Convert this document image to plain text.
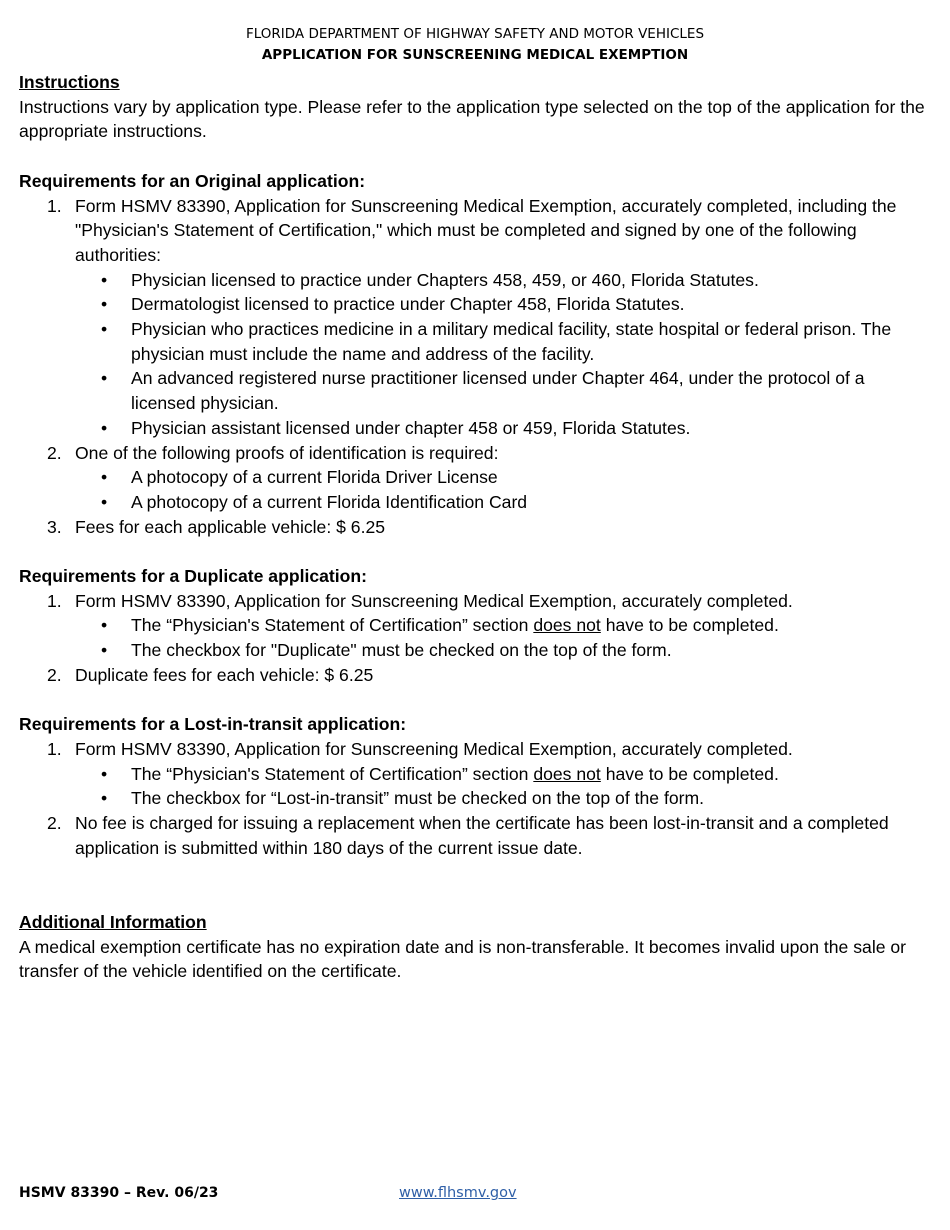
FLORIDA DEPARTMENT OF HIGHWAY SAFETY AND MOTOR VEHICLES
APPLICATION FOR SUNSCREENING MEDICAL EXEMPTION

Instructions

Instructions vary by application type. Please refer to the application type selected on the top of the application for the appropriate instructions.

Requirements for an Original application:

1. Form HSMV 83390, Application for Sunscreening Medical Exemption, accurately completed, including the "Physician's Statement of Certification," which must be completed and signed by one of the following authorities:
• Physician licensed to practice under Chapters 458, 459, or 460, Florida Statutes.
• Dermatologist licensed to practice under Chapter 458, Florida Statutes.
• Physician who practices medicine in a military medical facility, state hospital or federal prison. The physician must include the name and address of the facility.
• An advanced registered nurse practitioner licensed under Chapter 464, under the protocol of a licensed physician.
• Physician assistant licensed under chapter 458 or 459, Florida Statutes.
2. One of the following proofs of identification is required:
• A photocopy of a current Florida Driver License
• A photocopy of a current Florida Identification Card
3. Fees for each applicable vehicle: $ 6.25

Requirements for a Duplicate application:

1. Form HSMV 83390, Application for Sunscreening Medical Exemption, accurately completed.
• The “Physician's Statement of Certification” section does not have to be completed.
• The checkbox for "Duplicate" must be checked on the top of the form.
2. Duplicate fees for each vehicle: $ 6.25

Requirements for a Lost-in-transit application:

1. Form HSMV 83390, Application for Sunscreening Medical Exemption, accurately completed.
• The “Physician's Statement of Certification” section does not have to be completed.
• The checkbox for “Lost-in-transit” must be checked on the top of the form.
2. No fee is charged for issuing a replacement when the certificate has been lost-in-transit and a completed application is submitted within 180 days of the current issue date.

Additional Information

A medical exemption certificate has no expiration date and is non-transferable. It becomes invalid upon the sale or transfer of the vehicle identified on the certificate.

HSMV 83390 – Rev. 06/23	www.flhsmv.gov
